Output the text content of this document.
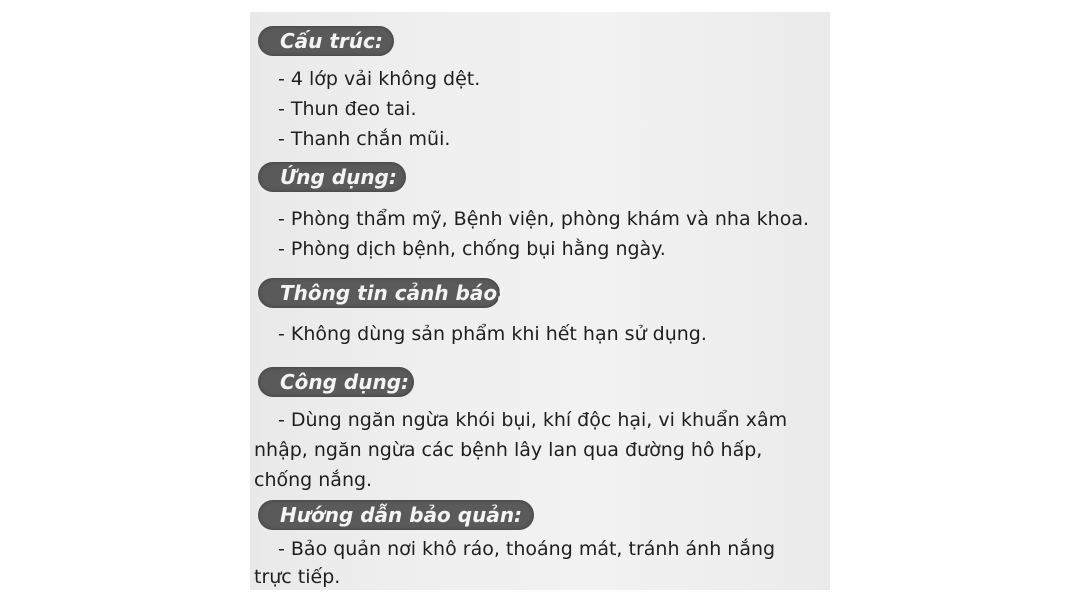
Cấu trúc:
- 4 lớp vải không dệt.
- Thun đeo tai.
- Thanh chắn mũi.
Ứng dụng:
- Phòng thẩm mỹ, Bệnh viện, phòng khám và nha khoa.
- Phòng dịch bệnh, chống bụi hằng ngày.
Thông tin cảnh báo:
- Không dùng sản phẩm khi hết hạn sử dụng.
Công dụng:
- Dùng ngăn ngừa khói bụi, khí độc hại, vi khuẩn xâm
nhập, ngăn ngừa các bệnh lây lan qua đường hô hấp,
chống nắng.
Hướng dẫn bảo quản:
- Bảo quản nơi khô ráo, thoáng mát, tránh ánh nắng
trực tiếp.
